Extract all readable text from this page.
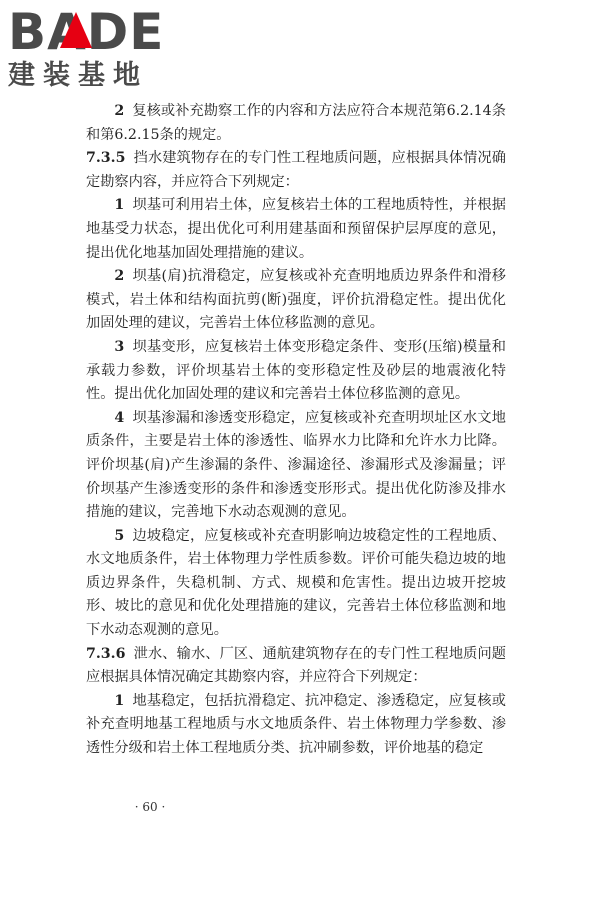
BADE
建装基地

2 复核或补充勘察工作的内容和方法应符合本规范第6.2.14条和第6.2.15条的规定。

7.3.5 挡水建筑物存在的专门性工程地质问题，应根据具体情况确定勘察内容，并应符合下列规定：

1 坝基可利用岩土体，应复核岩土体的工程地质特性，并根据地基受力状态，提出优化可利用建基面和预留保护层厚度的意见，提出优化地基加固处理措施的建议。

2 坝基(肩)抗滑稳定，应复核或补充查明地质边界条件和滑移模式，岩土体和结构面抗剪(断)强度，评价抗滑稳定性。提出优化加固处理的建议，完善岩土体位移监测的意见。

3 坝基变形，应复核岩土体变形稳定条件、变形(压缩)模量和承载力参数，评价坝基岩土体的变形稳定性及砂层的地震液化特性。提出优化加固处理的建议和完善岩土体位移监测的意见。

4 坝基渗漏和渗透变形稳定，应复核或补充查明坝址区水文地质条件，主要是岩土体的渗透性、临界水力比降和允许水力比降。评价坝基(肩)产生渗漏的条件、渗漏途径、渗漏形式及渗漏量；评价坝基产生渗透变形的条件和渗透变形形式。提出优化防渗及排水措施的建议，完善地下水动态观测的意见。

5 边坡稳定，应复核或补充查明影响边坡稳定性的工程地质、水文地质条件，岩土体物理力学性质参数。评价可能失稳边坡的地质边界条件，失稳机制、方式、规模和危害性。提出边坡开挖坡形、坡比的意见和优化处理措施的建议，完善岩土体位移监测和地下水动态观测的意见。

7.3.6 泄水、输水、厂区、通航建筑物存在的专门性工程地质问题应根据具体情况确定其勘察内容，并应符合下列规定：

1 地基稳定，包括抗滑稳定、抗冲稳定、渗透稳定，应复核或补充查明地基工程地质与水文地质条件、岩土体物理力学参数、渗透性分级和岩土体工程地质分类、抗冲刷参数，评价地基的稳定

· 60 ·
